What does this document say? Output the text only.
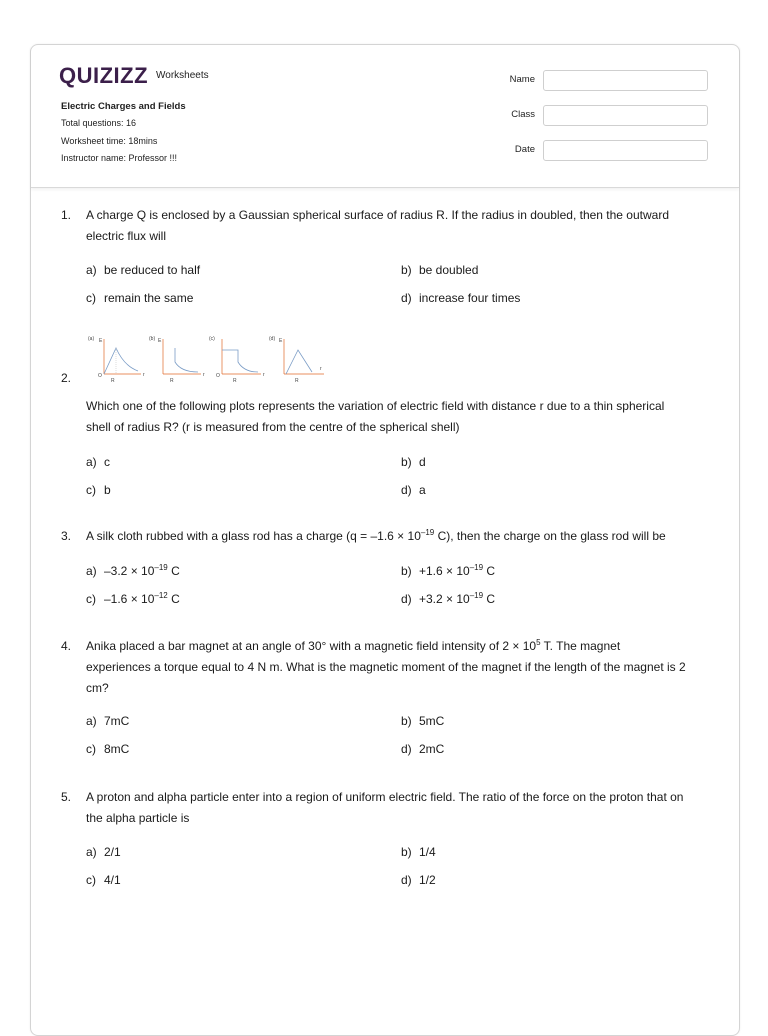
QUIZIZZ Worksheets
Electric Charges and Fields
Total questions: 16
Worksheet time: 18mins
Instructor name: Professor !!!
Name
Class
Date
1. A charge Q is enclosed by a Gaussian spherical surface of radius R. If the radius in doubled, then the outward
electric flux will
a) be reduced to half	b) be doubled
c) remain the same	d) increase four times
(a) E
O
R
r
(b) E
R
r
(c)
O
R
r
(d) E
R
r
2.
Which one of the following plots represents the variation of electric field with distance r due to a thin spherical
shell of radius R? (r is measured from the centre of the spherical shell)
a) c	b) d
c) b	d) a
3. A silk cloth rubbed with a glass rod has a charge ($q = -1.6 \times 10^{-19}$ C), then the charge on the glass rod will be
a) $-3.2 \times 10^{-19}$ C	$b) +1.6 \times 10^{-19}$ C
c) $-1.6 \times 10^{-12}$ C	$d) +3.2 \times 10^{-19}$ C
4. Anika placed a bar magnet at an angle of 30° with a magnetic field intensity of $2 \times 10^5$ T. The magnet
experiences a torque equal to 4 N m. What is the magnetic moment of the magnet if the length of the magnet is 2
cm?
a) 7mC	b) 5mC
c) 8mC	d) 2mC
5. A proton and alpha particle enter into a region of uniform electric field. The ratio of the force on the proton that on
the alpha particle is
a) 2/1	b) 1/4
c) 4/1	d) 1/2
